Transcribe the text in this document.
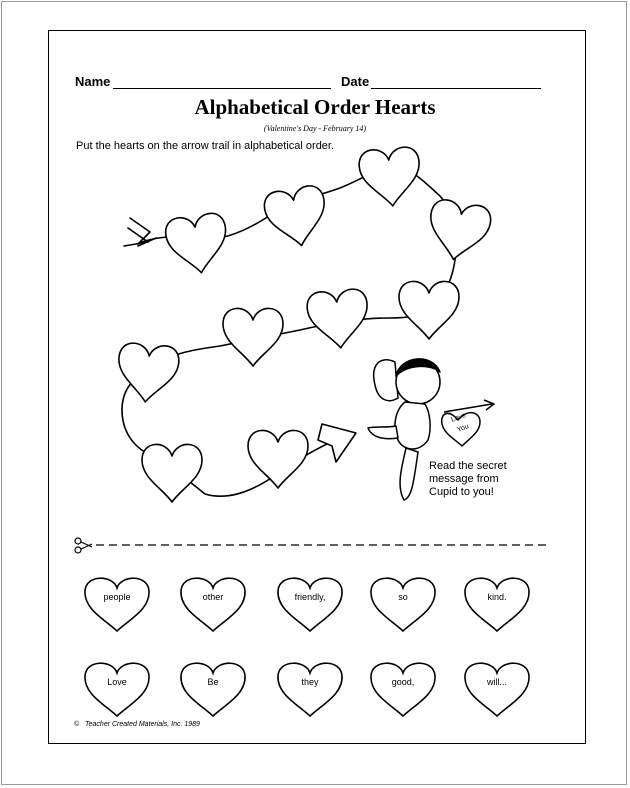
Name	Date
Alphabetical Order Hearts
(Valentine's Day - February 14)
Put the hearts on the arrow trail in alphabetical order.
Love
You
Read the secret
message from
Cupid to you!
people	other	friendly,	so	kind.
Love	Be	they	good,	will...
© Teacher Created Materials, Inc. 1989
